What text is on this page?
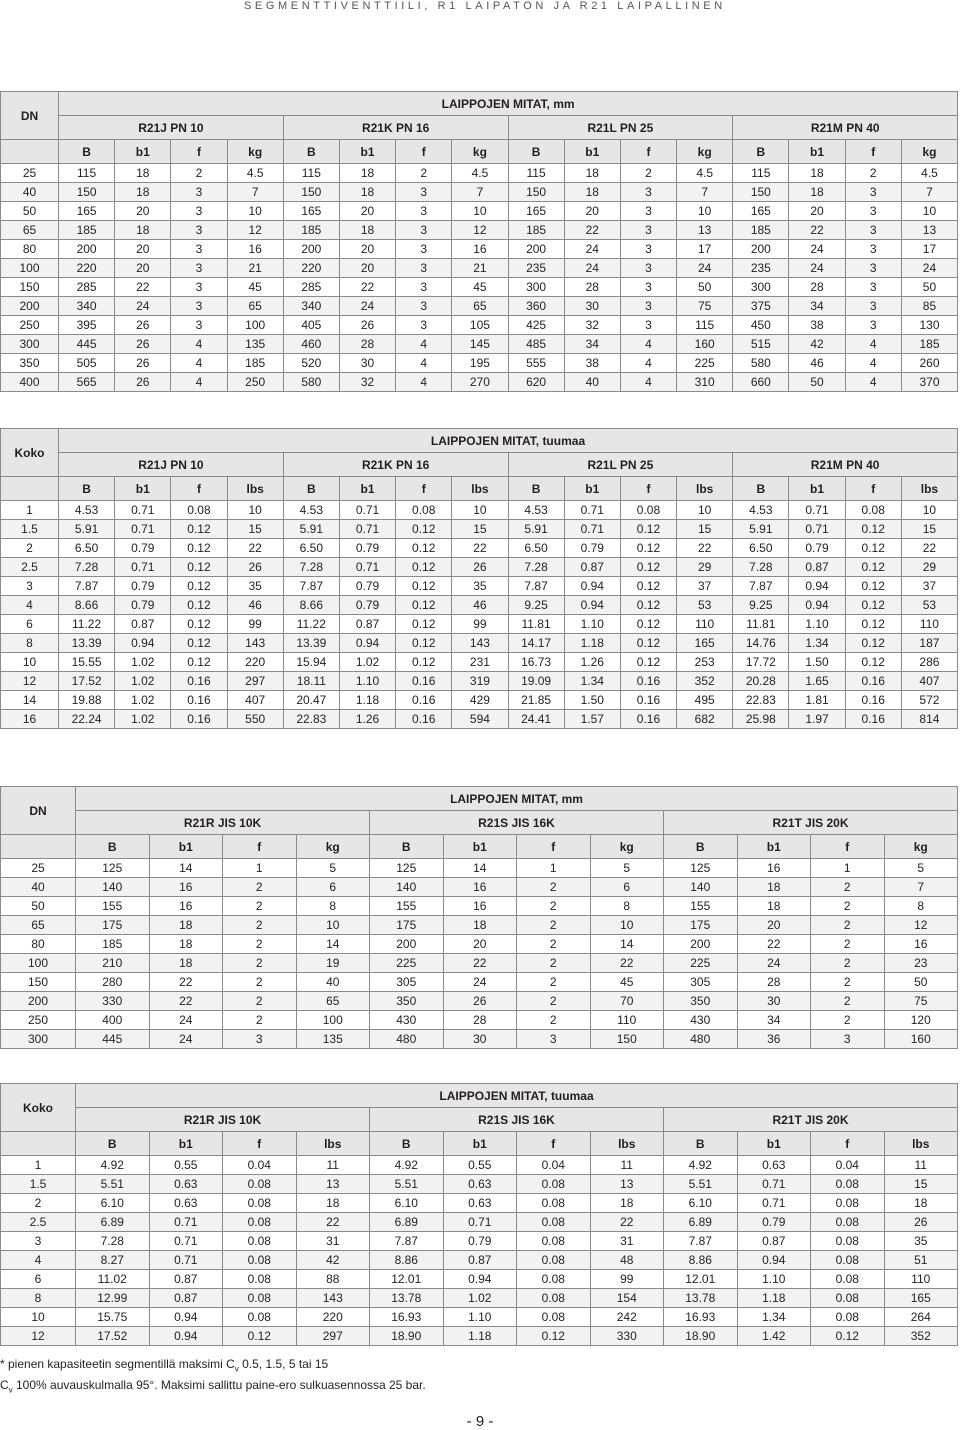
SEGMENTTIVENTTIILI, R1 LAIPATON JA R21 LAIPALLINEN
DN	LAIPPOJEN MITAT, mm															
	R21J PN 10				R21K PN 16				R21L PN 25				R21M PN 40			
	B	b1	f	kg	B	b1	f	kg	B	b1	f	kg	B	b1	f	kg
25	115	18	2	4.5	115	18	2	4.5	115	18	2	4.5	115	18	2	4.5
40	150	18	3	7	150	18	3	7	150	18	3	7	150	18	3	7
50	165	20	3	10	165	20	3	10	165	20	3	10	165	20	3	10
65	185	18	3	12	185	18	3	12	185	22	3	13	185	22	3	13
80	200	20	3	16	200	20	3	16	200	24	3	17	200	24	3	17
100	220	20	3	21	220	20	3	21	235	24	3	24	235	24	3	24
150	285	22	3	45	285	22	3	45	300	28	3	50	300	28	3	50
200	340	24	3	65	340	24	3	65	360	30	3	75	375	34	3	85
250	395	26	3	100	405	26	3	105	425	32	3	115	450	38	3	130
300	445	26	4	135	460	28	4	145	485	34	4	160	515	42	4	185
350	505	26	4	185	520	30	4	195	555	38	4	225	580	46	4	260
400	565	26	4	250	580	32	4	270	620	40	4	310	660	50	4	370
Koko	LAIPPOJEN MITAT, tuumaa															
	R21J PN 10				R21K PN 16				R21L PN 25				R21M PN 40			
	B	b1	f	lbs	B	b1	f	lbs	B	b1	f	lbs	B	b1	f	lbs
1	4.53	0.71	0.08	10	4.53	0.71	0.08	10	4.53	0.71	0.08	10	4.53	0.71	0.08	10
1.5	5.91	0.71	0.12	15	5.91	0.71	0.12	15	5.91	0.71	0.12	15	5.91	0.71	0.12	15
2	6.50	0.79	0.12	22	6.50	0.79	0.12	22	6.50	0.79	0.12	22	6.50	0.79	0.12	22
2.5	7.28	0.71	0.12	26	7.28	0.71	0.12	26	7.28	0.87	0.12	29	7.28	0.87	0.12	29
3	7.87	0.79	0.12	35	7.87	0.79	0.12	35	7.87	0.94	0.12	37	7.87	0.94	0.12	37
4	8.66	0.79	0.12	46	8.66	0.79	0.12	46	9.25	0.94	0.12	53	9.25	0.94	0.12	53
6	11.22	0.87	0.12	99	11.22	0.87	0.12	99	11.81	1.10	0.12	110	11.81	1.10	0.12	110
8	13.39	0.94	0.12	143	13.39	0.94	0.12	143	14.17	1.18	0.12	165	14.76	1.34	0.12	187
10	15.55	1.02	0.12	220	15.94	1.02	0.12	231	16.73	1.26	0.12	253	17.72	1.50	0.12	286
12	17.52	1.02	0.16	297	18.11	1.10	0.16	319	19.09	1.34	0.16	352	20.28	1.65	0.16	407
14	19.88	1.02	0.16	407	20.47	1.18	0.16	429	21.85	1.50	0.16	495	22.83	1.81	0.16	572
16	22.24	1.02	0.16	550	22.83	1.26	0.16	594	24.41	1.57	0.16	682	25.98	1.97	0.16	814
DN	LAIPPOJEN MITAT, mm											
	R21R JIS 10K				R21S JIS 16K				R21T JIS 20K			
	B	b1	f	kg	B	b1	f	kg	B	b1	f	kg
25	125	14	1	5	125	14	1	5	125	16	1	5
40	140	16	2	6	140	16	2	6	140	18	2	7
50	155	16	2	8	155	16	2	8	155	18	2	8
65	175	18	2	10	175	18	2	10	175	20	2	12
80	185	18	2	14	200	20	2	14	200	22	2	16
100	210	18	2	19	225	22	2	22	225	24	2	23
150	280	22	2	40	305	24	2	45	305	28	2	50
200	330	22	2	65	350	26	2	70	350	30	2	75
250	400	24	2	100	430	28	2	110	430	34	2	120
300	445	24	3	135	480	30	3	150	480	36	3	160
Koko	LAIPPOJEN MITAT, tuumaa											
	R21R JIS 10K				R21S JIS 16K				R21T JIS 20K			
	B	b1	f	lbs	B	b1	f	lbs	B	b1	f	lbs
1	4.92	0.55	0.04	11	4.92	0.55	0.04	11	4.92	0.63	0.04	11
1.5	5.51	0.63	0.08	13	5.51	0.63	0.08	13	5.51	0.71	0.08	15
2	6.10	0.63	0.08	18	6.10	0.63	0.08	18	6.10	0.71	0.08	18
2.5	6.89	0.71	0.08	22	6.89	0.71	0.08	22	6.89	0.79	0.08	26
3	7.28	0.71	0.08	31	7.87	0.79	0.08	31	7.87	0.87	0.08	35
4	8.27	0.71	0.08	42	8.86	0.87	0.08	48	8.86	0.94	0.08	51
6	11.02	0.87	0.08	88	12.01	0.94	0.08	99	12.01	1.10	0.08	110
8	12.99	0.87	0.08	143	13.78	1.02	0.08	154	13.78	1.18	0.08	165
10	15.75	0.94	0.08	220	16.93	1.10	0.08	242	16.93	1.34	0.08	264
12	17.52	0.94	0.12	297	18.90	1.18	0.12	330	18.90	1.42	0.12	352
* pienen kapasiteetin segmentillä maksimi $C_v$ 0.5, 1.5, 5 tai 15
$C_v$ 100% auvauskulmalla 95°. Maksimi sallittu paine-ero sulkuasennossa 25 bar.
- 9 -
